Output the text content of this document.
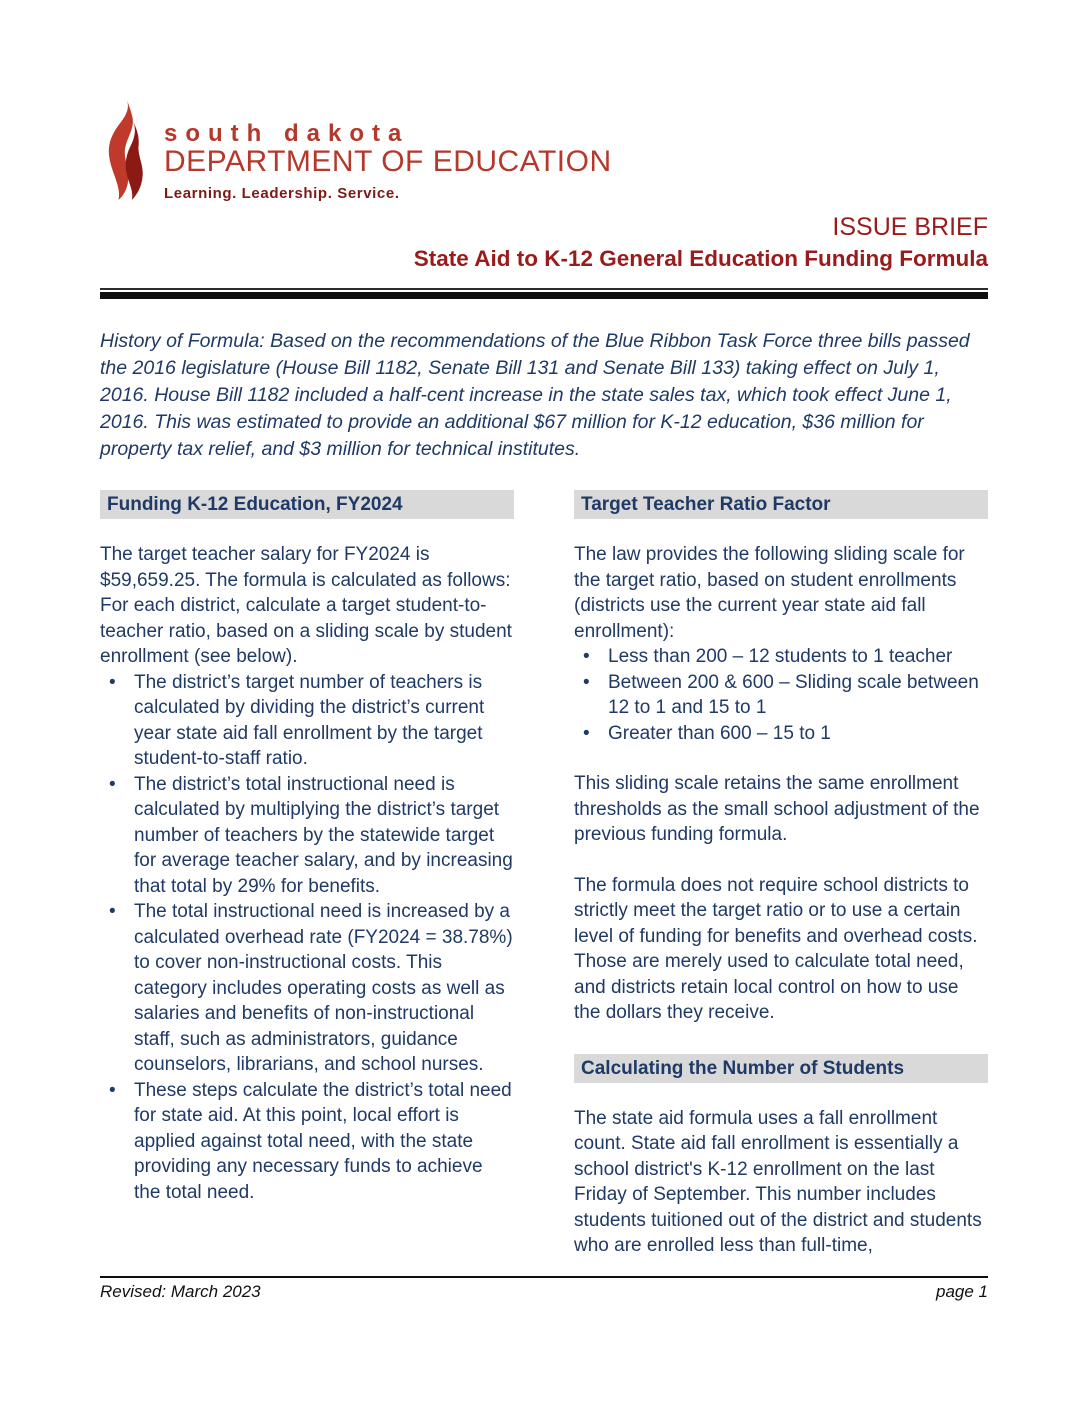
south dakota
DEPARTMENT OF EDUCATION
Learning. Leadership. Service.
ISSUE BRIEF
State Aid to K-12 General Education Funding Formula
History of Formula: Based on the recommendations of the Blue Ribbon Task Force three bills passed the 2016 legislature (House Bill 1182, Senate Bill 131 and Senate Bill 133) taking effect on July 1, 2016. House Bill 1182 included a half-cent increase in the state sales tax, which took effect June 1, 2016. This was estimated to provide an additional $67 million for K-12 education, $36 million for property tax relief, and $3 million for technical institutes.
Funding K-12 Education, FY2024

The target teacher salary for FY2024 is $59,659.25. The formula is calculated as follows: For each district, calculate a target student-to-teacher ratio, based on a sliding scale by student enrollment (see below).

• The district’s target number of teachers is calculated by dividing the district’s current year state aid fall enrollment by the target student-to-staff ratio.
• The district’s total instructional need is calculated by multiplying the district’s target number of teachers by the statewide target for average teacher salary, and by increasing that total by 29% for benefits.
• The total instructional need is increased by a calculated overhead rate (FY2024 = 38.78%) to cover non-instructional costs. This category includes operating costs as well as salaries and benefits of non-instructional staff, such as administrators, guidance counselors, librarians, and school nurses.
• These steps calculate the district’s total need for state aid. At this point, local effort is applied against total need, with the state providing any necessary funds to achieve the total need.
Target Teacher Ratio Factor

The law provides the following sliding scale for the target ratio, based on student enrollments (districts use the current year state aid fall enrollment):

• Less than 200 – 12 students to 1 teacher
• Between 200 & 600 – Sliding scale between 12 to 1 and 15 to 1
• Greater than 600 – 15 to 1

This sliding scale retains the same enrollment thresholds as the small school adjustment of the previous funding formula.

The formula does not require school districts to strictly meet the target ratio or to use a certain level of funding for benefits and overhead costs. Those are merely used to calculate total need, and districts retain local control on how to use the dollars they receive.

Calculating the Number of Students

The state aid formula uses a fall enrollment count. State aid fall enrollment is essentially a school district's K-12 enrollment on the last Friday of September. This number includes students tuitioned out of the district and students who are enrolled less than full-time,

Revised: March 2023	page 1
